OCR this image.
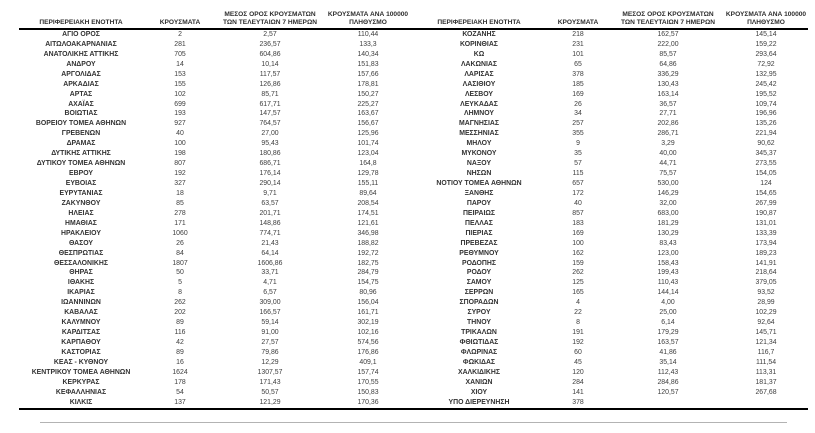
ΠΕΡΙΦΕΡΕΙΑΚΗ ΕΝΟΤΗΤΑ	ΚΡΟΥΣΜΑΤΑ	
ΜΕΣΟΣ ΟΡΟΣ ΚΡΟΥΣΜΑΤΩΝ
ΤΩΝ ΤΕΛΕΥΤΑΙΩΝ 7 ΗΜΕΡΩΝ

ΚΡΟΥΣΜΑΤΑ ΑΝΑ 100000
ΠΛΗΘΥΣΜΟ

ΑΓΙΟ ΟΡΟΣ	2	2,57	110,44
ΑΙΤΩΛΟΑΚΑΡΝΑΝΙΑΣ	281	236,57	133,3
ΑΝΑΤΟΛΙΚΗΣ ΑΤΤΙΚΗΣ	705	604,86	140,34
ΑΝΔΡΟΥ	14	10,14	151,83
ΑΡΓΟΛΙΔΑΣ	153	117,57	157,66
ΑΡΚΑΔΙΑΣ	155	126,86	178,81
ΑΡΤΑΣ	102	85,71	150,27
ΑΧΑΪΑΣ	699	617,71	225,27
ΒΟΙΩΤΙΑΣ	193	147,57	163,67
ΒΟΡΕΙΟΥ ΤΟΜΕΑ ΑΘΗΝΩΝ	927	764,57	156,67
ΓΡΕΒΕΝΩΝ	40	27,00	125,96
ΔΡΑΜΑΣ	100	95,43	101,74
ΔΥΤΙΚΗΣ ΑΤΤΙΚΗΣ	198	180,86	123,04
ΔΥΤΙΚΟΥ ΤΟΜΕΑ ΑΘΗΝΩΝ	807	686,71	164,8
ΕΒΡΟΥ	192	176,14	129,78
ΕΥΒΟΙΑΣ	327	290,14	155,11
ΕΥΡΥΤΑΝΙΑΣ	18	9,71	89,64
ΖΑΚΥΝΘΟΥ	85	63,57	208,54
ΗΛΕΙΑΣ	278	201,71	174,51
ΗΜΑΘΙΑΣ	171	148,86	121,61
ΗΡΑΚΛΕΙΟΥ	1060	774,71	346,98
ΘΑΣΟΥ	26	21,43	188,82
ΘΕΣΠΡΩΤΙΑΣ	84	64,14	192,72
ΘΕΣΣΑΛΟΝΙΚΗΣ	1807	1606,86	182,75
ΘΗΡΑΣ	50	33,71	284,79
ΙΘΑΚΗΣ	5	4,71	154,75
ΙΚΑΡΙΑΣ	8	6,57	80,96
ΙΩΑΝΝΙΝΩΝ	262	309,00	156,04
ΚΑΒΑΛΑΣ	202	166,57	161,71
ΚΑΛΥΜΝΟΥ	89	59,14	302,19
ΚΑΡΔΙΤΣΑΣ	116	91,00	102,16
ΚΑΡΠΑΘΟΥ	42	27,57	574,56
ΚΑΣΤΟΡΙΑΣ	89	79,86	176,86
ΚΕΑΣ - ΚΥΘΝΟΥ	16	12,29	409,1
ΚΕΝΤΡΙΚΟΥ ΤΟΜΕΑ ΑΘΗΝΩΝ	1624	1307,57	157,74
ΚΕΡΚΥΡΑΣ	178	171,43	170,55
ΚΕΦΑΛΛΗΝΙΑΣ	54	50,57	150,83
ΚΙΛΚΙΣ	137	121,29	170,36
ΠΕΡΙΦΕΡΕΙΑΚΗ ΕΝΟΤΗΤΑ	ΚΡΟΥΣΜΑΤΑ	
ΜΕΣΟΣ ΟΡΟΣ ΚΡΟΥΣΜΑΤΩΝ
ΤΩΝ ΤΕΛΕΥΤΑΙΩΝ 7 ΗΜΕΡΩΝ

ΚΡΟΥΣΜΑΤΑ ΑΝΑ 100000
ΠΛΗΘΥΣΜΟ

ΚΟΖΑΝΗΣ	218	162,57	145,14
ΚΟΡΙΝΘΙΑΣ	231	222,00	159,22
ΚΩ	101	85,57	293,64
ΛΑΚΩΝΙΑΣ	65	64,86	72,92
ΛΑΡΙΣΑΣ	378	336,29	132,95
ΛΑΣΙΘΙΟΥ	185	130,43	245,42
ΛΕΣΒΟΥ	169	163,14	195,52
ΛΕΥΚΑΔΑΣ	26	36,57	109,74
ΛΗΜΝΟΥ	34	27,71	196,96
ΜΑΓΝΗΣΙΑΣ	257	202,86	135,26
ΜΕΣΣΗΝΙΑΣ	355	286,71	221,94
ΜΗΛΟΥ	9	3,29	90,62
ΜΥΚΟΝΟΥ	35	40,00	345,37
ΝΑΞΟΥ	57	44,71	273,55
ΝΗΣΩΝ	115	75,57	154,05
ΝΟΤΙΟΥ ΤΟΜΕΑ ΑΘΗΝΩΝ	657	530,00	124
ΞΑΝΘΗΣ	172	146,29	154,65
ΠΑΡΟΥ	40	32,00	267,99
ΠΕΙΡΑΙΩΣ	857	683,00	190,87
ΠΕΛΛΑΣ	183	181,29	131,01
ΠΙΕΡΙΑΣ	169	130,29	133,39
ΠΡΕΒΕΖΑΣ	100	83,43	173,94
ΡΕΘΥΜΝΟΥ	162	123,00	189,23
ΡΟΔΟΠΗΣ	159	158,43	141,91
ΡΟΔΟΥ	262	199,43	218,64
ΣΑΜΟΥ	125	110,43	379,05
ΣΕΡΡΩΝ	165	144,14	93,52
ΣΠΟΡΑΔΩΝ	4	4,00	28,99
ΣΥΡΟΥ	22	25,00	102,29
ΤΗΝΟΥ	8	6,14	92,64
ΤΡΙΚΑΛΩΝ	191	179,29	145,71
ΦΘΙΩΤΙΔΑΣ	192	163,57	121,34
ΦΛΩΡΙΝΑΣ	60	41,86	116,7
ΦΩΚΙΔΑΣ	45	35,14	111,54
ΧΑΛΚΙΔΙΚΗΣ	120	112,43	113,31
ΧΑΝΙΩΝ	284	284,86	181,37
ΧΙΟΥ	141	120,57	267,68
ΥΠΟ ΔΙΕΡΕΥΝΗΣΗ	378		
